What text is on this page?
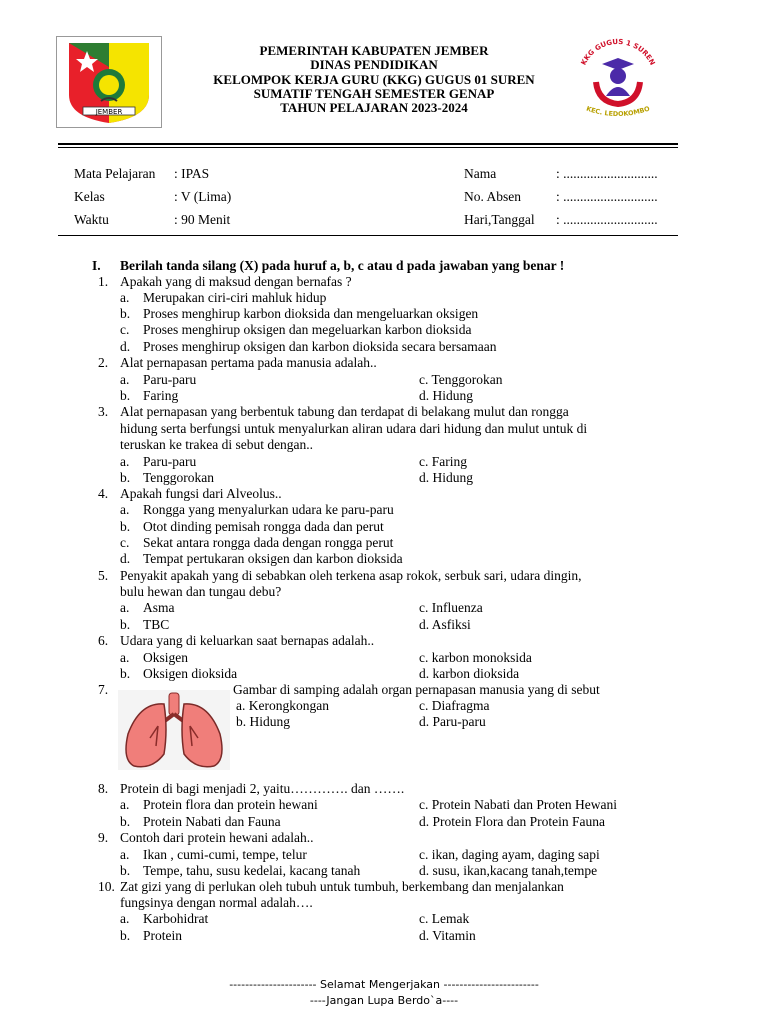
JEMBER
PEMERINTAH KABUPATEN JEMBER
DINAS PENDIDIKAN
KELOMPOK KERJA GURU (KKG) GUGUS 01 SUREN
SUMATIF TENGAH SEMESTER GENAP
TAHUN PELAJARAN 2023-2024
KKG GUGUS 1 SUREN
KEC. LEDOKOMBO
Mata Pelajaran : IPAS	Nama	: ............................
Kelas	: V (Lima)	No. Absen	: ............................
Waktu	: 90 Menit	Hari,Tanggal : ............................
I. Berilah tanda silang (X) pada huruf a, b, c atau d pada jawaban yang benar !
1. Apakah yang di maksud dengan bernafas ?
a. Merupakan ciri-ciri mahluk hidup
b. Proses menghirup karbon dioksida dan mengeluarkan oksigen
c. Proses menghirup oksigen dan megeluarkan karbon dioksida
d. Proses menghirup oksigen dan karbon dioksida secara bersamaan
2. Alat pernapasan pertama pada manusia adalah..
a. Paru-paru	c. Tenggorokan
b. Faring	d. Hidung
3. Alat pernapasan yang berbentuk tabung dan terdapat di belakang mulut dan rongga
hidung serta berfungsi untuk menyalurkan aliran udara dari hidung dan mulut untuk di
teruskan ke trakea di sebut dengan..
a. Paru-paru	c. Faring
b. Tenggorokan	d. Hidung
4. Apakah fungsi dari Alveolus..
a. Rongga yang menyalurkan udara ke paru-paru
b. Otot dinding pemisah rongga dada dan perut
c. Sekat antara rongga dada dengan rongga perut
d. Tempat pertukaran oksigen dan karbon dioksida
5. Penyakit apakah yang di sebabkan oleh terkena asap rokok, serbuk sari, udara dingin,
bulu hewan dan tungau debu?
a. Asma	c. Influenza
b. TBC	d. Asfiksi
6. Udara yang di keluarkan saat bernapas adalah..
a. Oksigen	c. karbon monoksida
b. Oksigen dioksida	d. karbon dioksida
7.	Gambar di samping adalah organ pernapasan manusia yang di sebut
a. Kerongkongan	c. Diafragma
b. Hidung	d. Paru-paru
8. Protein di bagi menjadi 2, yaitu…………. dan …….
a. Protein flora dan protein hewani	c. Protein Nabati dan Proten Hewani
b. Protein Nabati dan Fauna	d. Protein Flora dan Protein Fauna
9. Contoh dari protein hewani adalah..
a. Ikan , cumi-cumi, tempe, telur	c. ikan, daging ayam, daging sapi
b. Tempe, tahu, susu kedelai, kacang tanah	d. susu, ikan,kacang tanah,tempe
10. Zat gizi yang di perlukan oleh tubuh untuk tumbuh, berkembang dan menjalankan
fungsinya dengan normal adalah….
a. Karbohidrat	c. Lemak
b. Protein	d. Vitamin
---------------------- Selamat Mengerjakan ------------------------
----Jangan Lupa Berdo`a----
